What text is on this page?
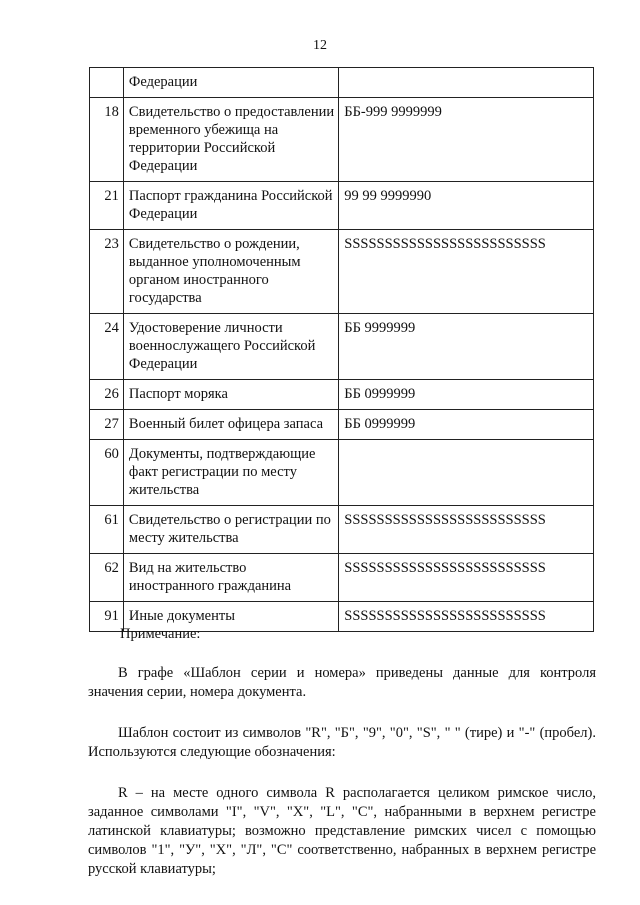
12
	Федерации	
18	Свидетельство о предоставлении временного убежища на территории Российской Федерации	ББ-999 9999999
21	Паспорт гражданина Российской Федерации	99 99 9999990
23	Свидетельство о рождении, выданное уполномоченным органом иностранного государства	SSSSSSSSSSSSSSSSSSSSSSSSS
24	Удостоверение личности военнослужащего Российской Федерации	ББ 9999999
26	Паспорт моряка	ББ 0999999
27	Военный билет офицера запаса	ББ 0999999
60	Документы, подтверждающие факт регистрации по месту жительства	
61	Свидетельство о регистрации по месту жительства	SSSSSSSSSSSSSSSSSSSSSSSSS
62	Вид на жительство иностранного гражданина	SSSSSSSSSSSSSSSSSSSSSSSSS
91	Иные документы	SSSSSSSSSSSSSSSSSSSSSSSSS

Примечание:

В графе «Шаблон серии и номера» приведены данные для контроля значения серии, номера документа.

Шаблон состоит из символов "R", "Б", "9", "0", "S", " " (тире) и "-" (пробел). Используются следующие обозначения:

R – на месте одного символа R располагается целиком римское число, заданное символами "I", "V", "X", "L", "C", набранными в верхнем регистре латинской клавиатуры; возможно представление римских чисел с помощью символов "1", "У", "Х", "Л", "С" соответственно, набранных в верхнем регистре русской клавиатуры;
